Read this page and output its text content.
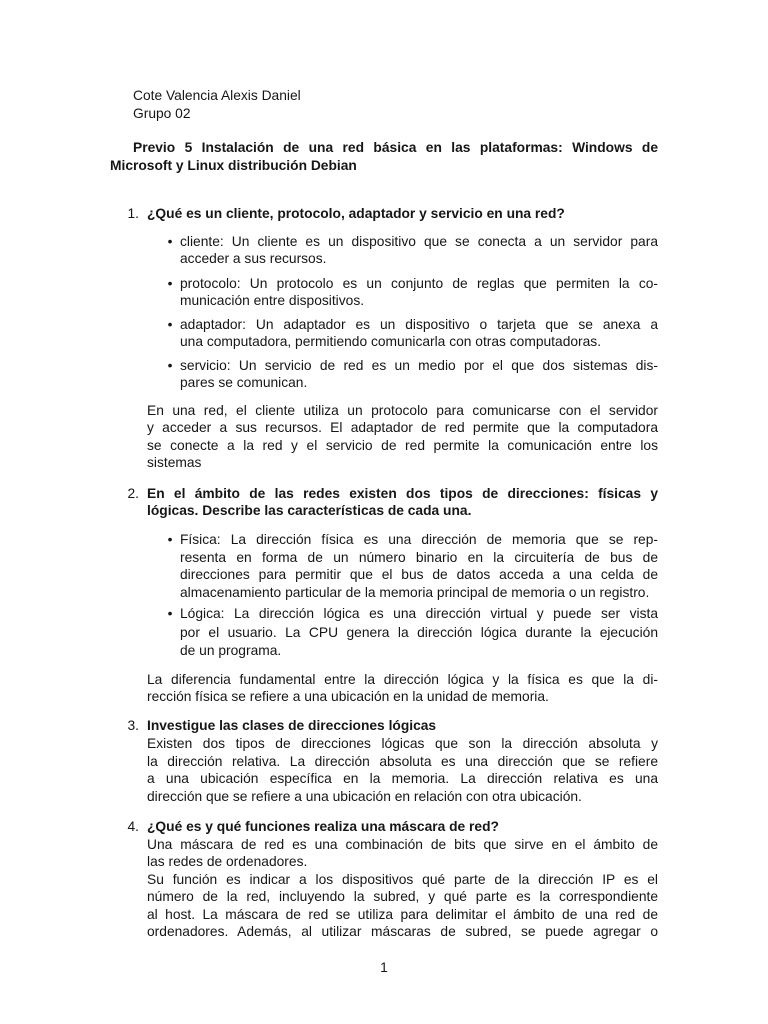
Cote Valencia Alexis Daniel
Grupo 02
Previo 5 Instalación de una red básica en las plataformas: Windows de
Microsoft y Linux distribución Debian
1. ¿Qué es un cliente, protocolo, adaptador y servicio en una red?
• cliente: Un cliente es un dispositivo que se conecta a un servidor para
acceder a sus recursos.
• protocolo: Un protocolo es un conjunto de reglas que permiten la co-
municación entre dispositivos.
• adaptador: Un adaptador es un dispositivo o tarjeta que se anexa a
una computadora, permitiendo comunicarla con otras computadoras.
• servicio: Un servicio de red es un medio por el que dos sistemas dis-
pares se comunican.
En una red, el cliente utiliza un protocolo para comunicarse con el servidor
y acceder a sus recursos. El adaptador de red permite que la computadora
se conecte a la red y el servicio de red permite la comunicación entre los
sistemas
2. En el ámbito de las redes existen dos tipos de direcciones: físicas y
lógicas. Describe las características de cada una.
• Física: La dirección física es una dirección de memoria que se rep-
resenta en forma de un número binario en la circuitería de bus de
direcciones para permitir que el bus de datos acceda a una celda de
almacenamiento particular de la memoria principal de memoria o un registro.
• Lógica: La dirección lógica es una dirección virtual y puede ser vista
por el usuario. La CPU genera la dirección lógica durante la ejecución
de un programa.
La diferencia fundamental entre la dirección lógica y la física es que la di-
rección física se refiere a una ubicación en la unidad de memoria.
3. Investigue las clases de direcciones lógicas
Existen dos tipos de direcciones lógicas que son la dirección absoluta y
la dirección relativa. La dirección absoluta es una dirección que se refiere
a una ubicación específica en la memoria. La dirección relativa es una
dirección que se refiere a una ubicación en relación con otra ubicación.
4. ¿Qué es y qué funciones realiza una máscara de red?
Una máscara de red es una combinación de bits que sirve en el ámbito de
las redes de ordenadores.
Su función es indicar a los dispositivos qué parte de la dirección IP es el
número de la red, incluyendo la subred, y qué parte es la correspondiente
al host. La máscara de red se utiliza para delimitar el ámbito de una red de
ordenadores. Además, al utilizar máscaras de subred, se puede agregar o
1
